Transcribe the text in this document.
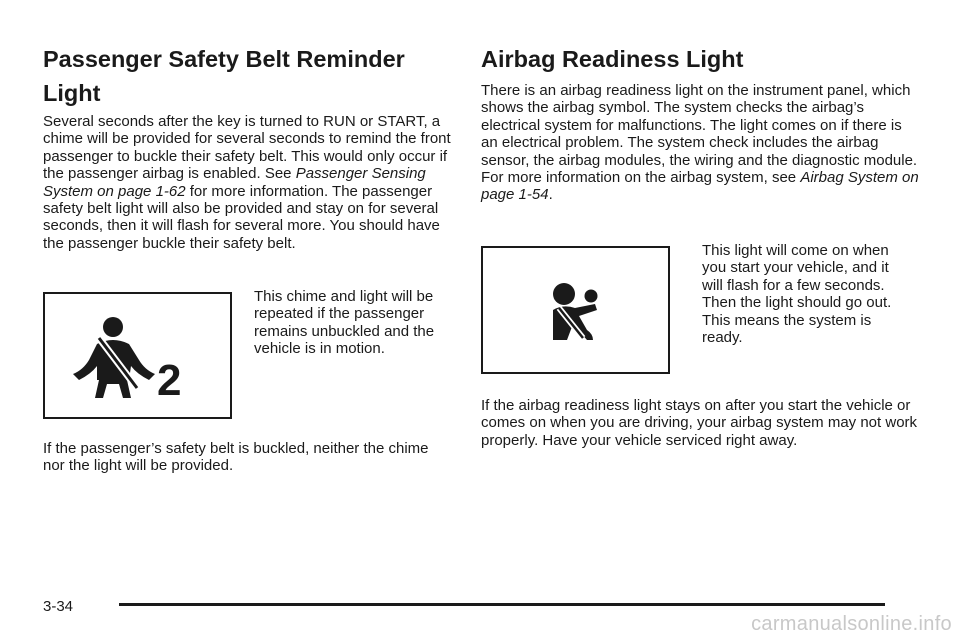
Passenger Safety Belt Reminder
Light

Several seconds after the key is turned to RUN or START, a chime will be provided for several seconds to remind the front passenger to buckle their safety belt. This would only occur if the passenger airbag is enabled. See Passenger Sensing System on page 1-62 for more information. The passenger safety belt light will also be provided and stay on for several seconds, then it will flash for several more. You should have the passenger buckle their safety belt.

2

This chime and light will be repeated if the passenger remains unbuckled and the vehicle is in motion.

If the passenger’s safety belt is buckled, neither the chime nor the light will be provided.

Airbag Readiness Light

There is an airbag readiness light on the instrument panel, which shows the airbag symbol. The system checks the airbag’s electrical system for malfunctions. The light comes on if there is an electrical problem. The system check includes the airbag sensor, the airbag modules, the wiring and the diagnostic module. For more information on the airbag system, see Airbag System on page 1-54.

This light will come on when you start your vehicle, and it will flash for a few seconds. Then the light should go out. This means the system is ready.

If the airbag readiness light stays on after you start the vehicle or comes on when you are driving, your airbag system may not work properly. Have your vehicle serviced right away.

3-34
carmanualsonline.info
